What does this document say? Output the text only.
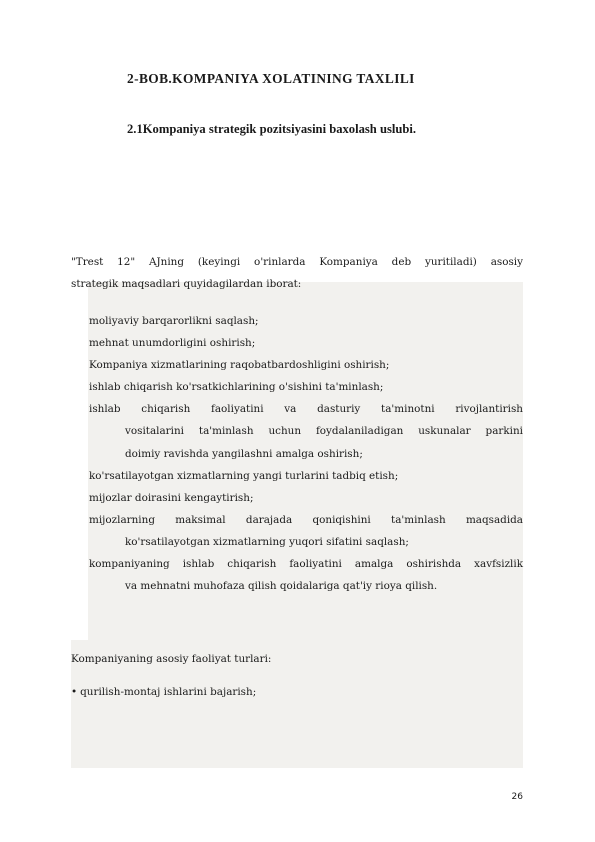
2-BOB.KOMPANIYA XOLATINING TAXLILI
2.1Kompaniya strategik pozitsiyasini baxolash uslubi.
"Trest 12" AJning (keyingi o'rinlarda Kompaniya deb yuritiladi) asosiy
strategik maqsadlari quyidagilardan iborat:
moliyaviy barqarorlikni saqlash;
mehnat unumdorligini oshirish;
Kompaniya xizmatlarining raqobatbardoshligini oshirish;
ishlab chiqarish ko'rsatkichlarining o'sishini ta'minlash;
ishlab chiqarish faoliyatini va dasturiy ta'minotni rivojlantirish
vositalarini ta'minlash uchun foydalaniladigan uskunalar parkini
doimiy ravishda yangilashni amalga oshirish;
ko'rsatilayotgan xizmatlarning yangi turlarini tadbiq etish;
mijozlar doirasini kengaytirish;
mijozlarning maksimal darajada qoniqishini ta'minlash maqsadida
ko'rsatilayotgan xizmatlarning yuqori sifatini saqlash;
kompaniyaning ishlab chiqarish faoliyatini amalga oshirishda xavfsizlik
va mehnatni muhofaza qilish qoidalariga qat'iy rioya qilish.
Kompaniyaning asosiy faoliyat turlari:
• qurilish-montaj ishlarini bajarish;
26
